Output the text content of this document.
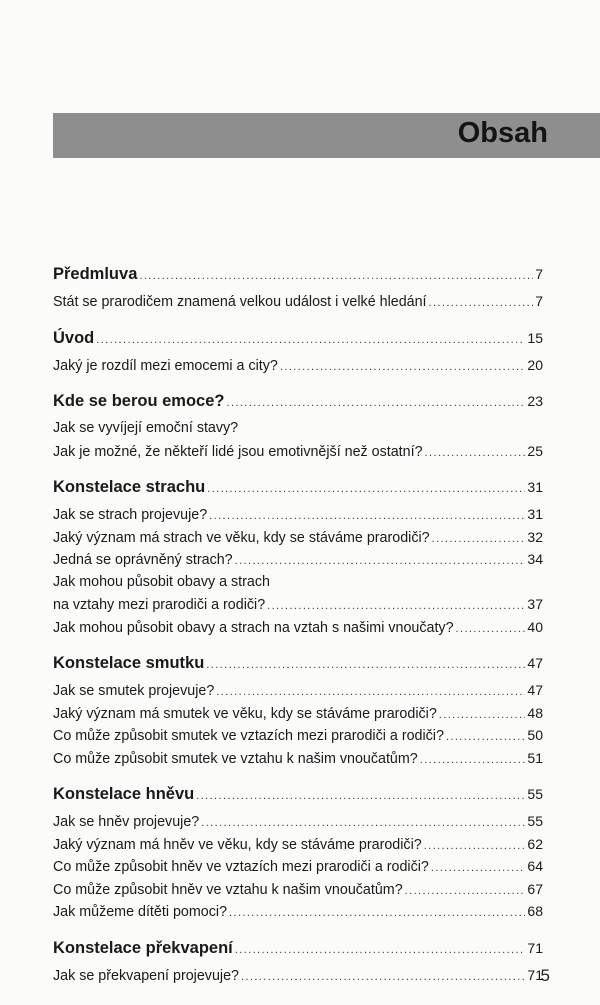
Obsah
Předmluva .....	7
Stát se prarodičem znamená velkou událost i velké hledání .....	7
Úvod .....	15
Jaký je rozdíl mezi emocemi a city? .....	20
Kde se berou emoce? .....	23
Jak se vyvíjejí emoční stavy?
Jak je možné, že někteří lidé jsou emotivnější než ostatní? .....	25
Konstelace strachu .....	31
Jak se strach projevuje? .....	31
Jaký význam má strach ve věku, kdy se stáváme prarodiči? .....	32
Jedná se oprávněný strach? .....	34
Jak mohou působit obavy a strach
na vztahy mezi prarodiči a rodiči? .....	37
Jak mohou působit obavy a strach na vztah s našimi vnoučaty? .....	40
Konstelace smutku .....	47
Jak se smutek projevuje? .....	47
Jaký význam má smutek ve věku, kdy se stáváme prarodiči? .....	48
Co může způsobit smutek ve vztazích mezi prarodiči a rodiči? .....	50
Co může způsobit smutek ve vztahu k našim vnoučatům? .....	51
Konstelace hněvu .....	55
Jak se hněv projevuje? .....	55
Jaký význam má hněv ve věku, kdy se stáváme prarodiči? .....	62
Co může způsobit hněv ve vztazích mezi prarodiči a rodiči? .....	64
Co může způsobit hněv ve vztahu k našim vnoučatům? .....	67
Jak můžeme dítěti pomoci? .....	68
Konstelace překvapení .....	71
Jak se překvapení projevuje? .....	71
5
